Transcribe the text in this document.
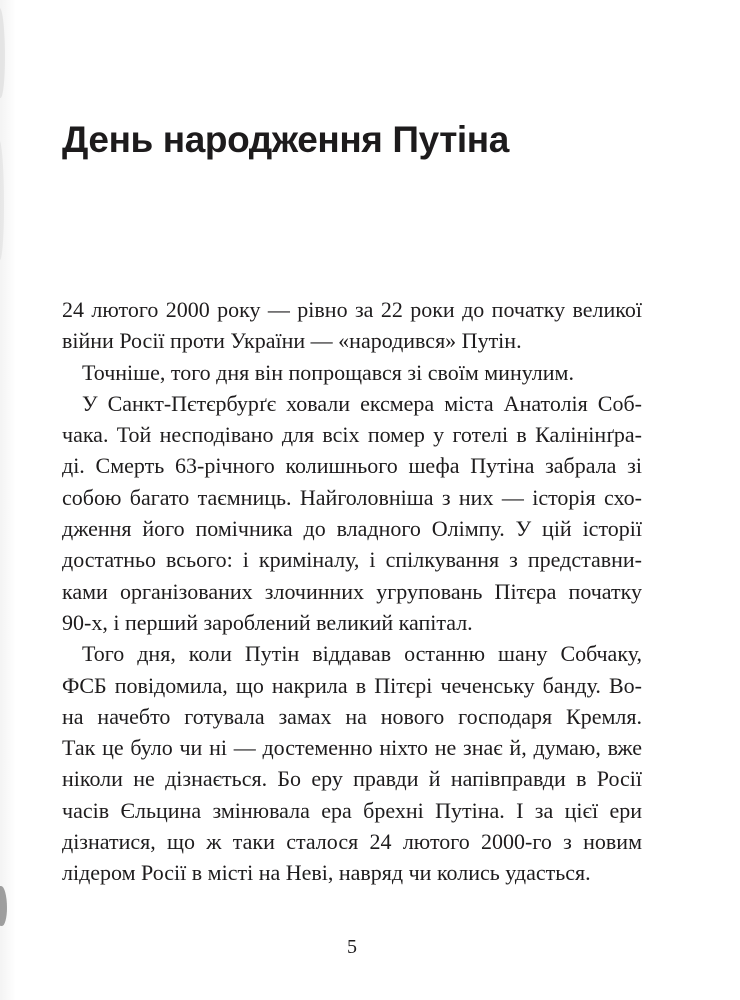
День народження Путіна
24 лютого 2000 року — рівно за 22 роки до початку великої
війни Росії проти України — «народився» Путін.
Точніше, того дня він попрощався зі своїм минулим.
У Санкт-Пєтєрбурґє ховали ексмера міста Анатолія Соб-
чака. Той несподівано для всіх помер у готелі в Калінінґра-
ді. Смерть 63-річного колишнього шефа Путіна забрала зі
собою багато таємниць. Найголовніша з них — історія схо-
дження його помічника до владного Олімпу. У цій історії
достатньо всього: і криміналу, і спілкування з представни-
ками організованих злочинних угруповань Пітєра початку
90-х, і перший зароблений великий капітал.
Того дня, коли Путін віддавав останню шану Собчаку,
ФСБ повідомила, що накрила в Пітєрі чеченську банду. Во-
на начебто готувала замах на нового господаря Кремля.
Так це було чи ні — достеменно ніхто не знає й, думаю, вже
ніколи не дізнається. Бо еру правди й напівправди в Росії
часів Єльцина змінювала ера брехні Путіна. І за цієї ери
дізнатися, що ж таки сталося 24 лютого 2000-го з новим
лідером Росії в місті на Неві, навряд чи колись удасться.
5
